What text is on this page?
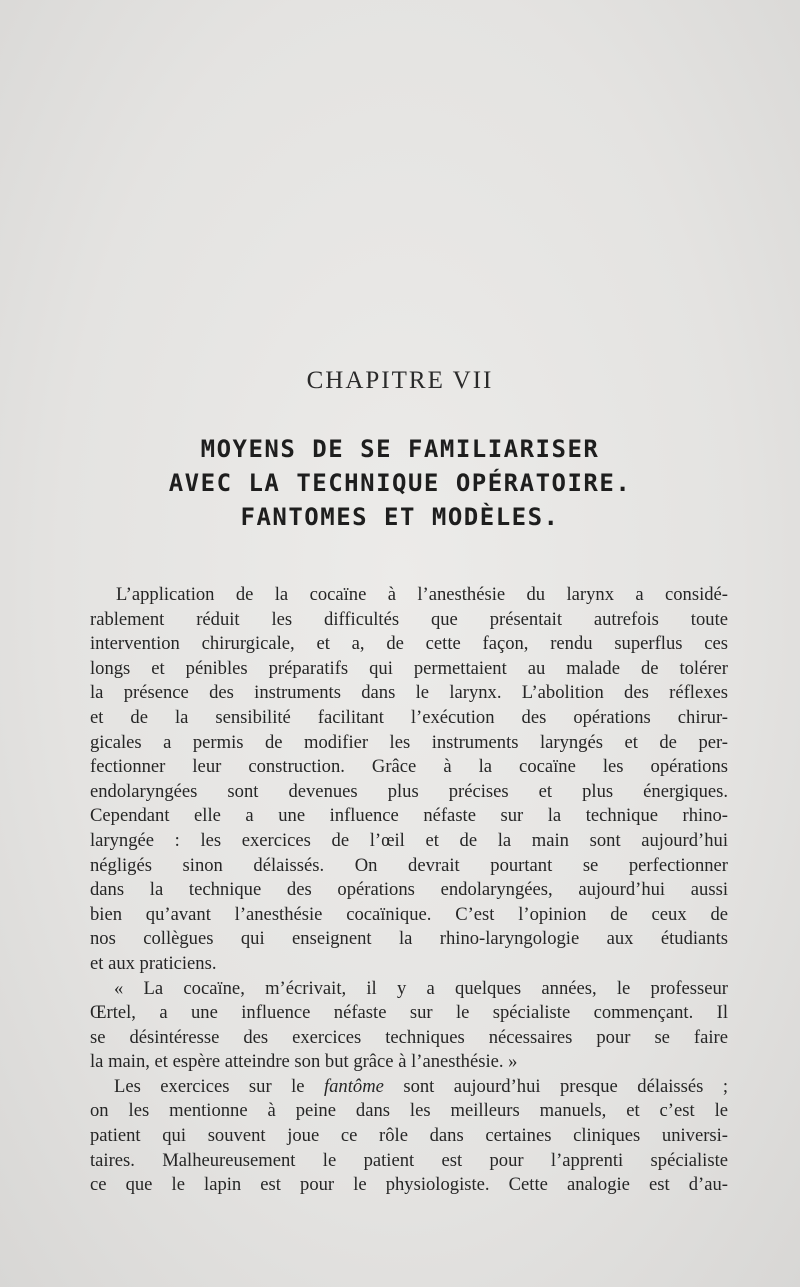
CHAPITRE VII
MOYENS DE SE FAMILIARISER
AVEC LA TECHNIQUE OPÉRATOIRE.
FANTOMES ET MODÈLES.
L’application de la cocaïne à l’anesthésie du larynx a considé-
rablement réduit les difficultés que présentait autrefois toute
intervention chirurgicale, et a, de cette façon, rendu superflus ces
longs et pénibles préparatifs qui permettaient au malade de tolérer
la présence des instruments dans le larynx. L’abolition des réflexes
et de la sensibilité facilitant l’exécution des opérations chirur-
gicales a permis de modifier les instruments laryngés et de per-
fectionner leur construction. Grâce à la cocaïne les opérations
endolaryngées sont devenues plus précises et plus énergiques.
Cependant elle a une influence néfaste sur la technique rhino-
laryngée : les exercices de l’œil et de la main sont aujourd’hui
négligés sinon délaissés. On devrait pourtant se perfectionner
dans la technique des opérations endolaryngées, aujourd’hui aussi
bien qu’avant l’anesthésie cocaïnique. C’est l’opinion de ceux de
nos collègues qui enseignent la rhino-laryngologie aux étudiants
et aux praticiens.
« La cocaïne, m’écrivait, il y a quelques années, le professeur
Œrtel, a une influence néfaste sur le spécialiste commençant. Il
se désintéresse des exercices techniques nécessaires pour se faire
la main, et espère atteindre son but grâce à l’anesthésie. »
Les exercices sur le fantôme sont aujourd’hui presque délaissés ;
on les mentionne à peine dans les meilleurs manuels, et c’est le
patient qui souvent joue ce rôle dans certaines cliniques universi-
taires. Malheureusement le patient est pour l’apprenti spécialiste
ce que le lapin est pour le physiologiste. Cette analogie est d’au-
